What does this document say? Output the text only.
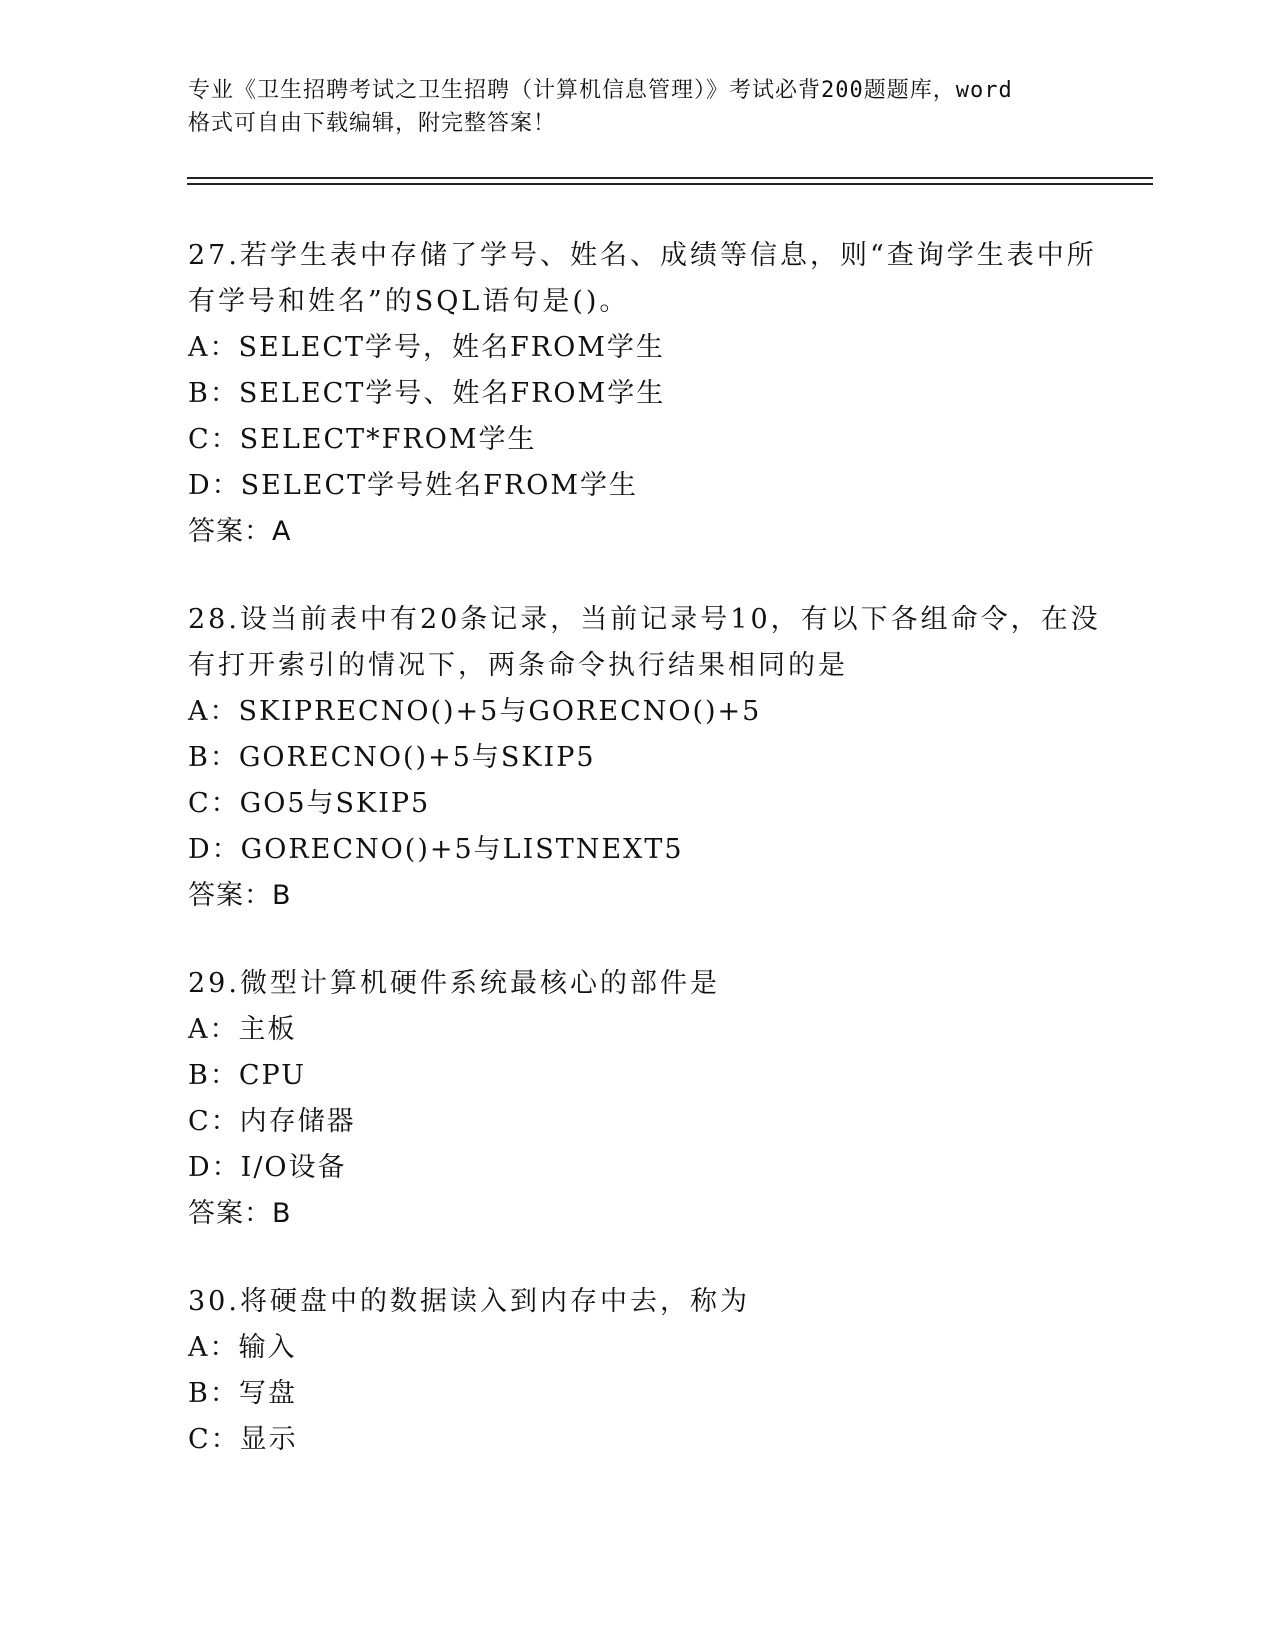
专业《卫生招聘考试之卫生招聘（计算机信息管理）》考试必背200题题库，word
格式可自由下载编辑，附完整答案！
27.若学生表中存储了学号、姓名、成绩等信息，则“查询学生表中所
有学号和姓名”的SQL语句是()。
A：SELECT学号，姓名FROM学生
B：SELECT学号、姓名FROM学生
C：SELECT*FROM学生
D：SELECT学号姓名FROM学生
答案：A
28.设当前表中有20条记录，当前记录号10，有以下各组命令，在没
有打开索引的情况下，两条命令执行结果相同的是
A：SKIPRECNO()+5与GORECNO()+5
B：GORECNO()+5与SKIP5
C：GO5与SKIP5
D：GORECNO()+5与LISTNEXT5
答案：B
29.微型计算机硬件系统最核心的部件是
A：主板
B：CPU
C：内存储器
D：I/O设备
答案：B
30.将硬盘中的数据读入到内存中去，称为
A：输入
B：写盘
C：显示
